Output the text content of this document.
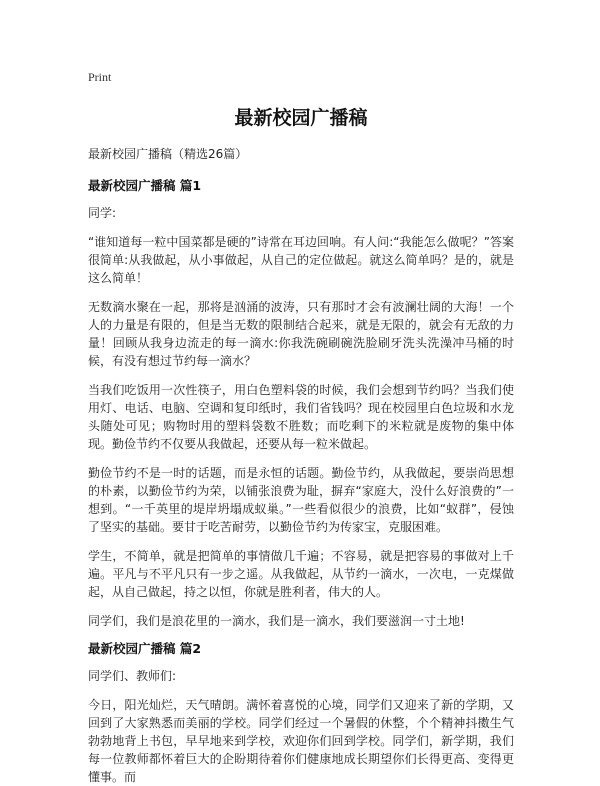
Print
最新校园广播稿

最新校园广播稿（精选26篇）

最新校园广播稿 篇1

同学:

“谁知道每一粒中国菜都是硬的”诗常在耳边回响。有人问:“我能怎么做呢？”答案很简单:从我做起，从小事做起，从自己的定位做起。就这么简单吗？是的，就是这么简单！

无数滴水聚在一起，那将是汹涌的波涛，只有那时才会有波澜壮阔的大海！一个人的力量是有限的，但是当无数的限制结合起来，就是无限的，就会有无敌的力量！回顾从我身边流走的每一滴水:你我洗碗刷碗洗脸刷牙洗头洗澡冲马桶的时候，有没有想过节约每一滴水？

当我们吃饭用一次性筷子，用白色塑料袋的时候，我们会想到节约吗？当我们使用灯、电话、电脑、空调和复印纸时，我们省钱吗？现在校园里白色垃圾和水龙头随处可见；购物时用的塑料袋数不胜数；而吃剩下的米粒就是废物的集中体现。勤俭节约不仅要从我做起，还要从每一粒米做起。

勤俭节约不是一时的话题，而是永恒的话题。勤俭节约，从我做起，要崇尚思想的朴素，以勤俭节约为荣，以铺张浪费为耻，摒弃“家庭大，没什么好浪费的”一想到。“一千英里的堤岸坍塌成蚁巢。”一些看似很少的浪费，比如“蚁群”，侵蚀了坚实的基础。要甘于吃苦耐劳，以勤俭节约为传家宝，克服困难。

学生，不简单，就是把简单的事情做几千遍；不容易，就是把容易的事做对上千遍。平凡与不平凡只有一步之遥。从我做起，从节约一滴水，一次电，一克煤做起，从自己做起，持之以恒，你就是胜利者，伟大的人。

同学们，我们是浪花里的一滴水，我们是一滴水，我们要滋润一寸土地!

最新校园广播稿 篇2

同学们、教师们:

今日，阳光灿烂，天气晴朗。满怀着喜悦的心境，同学们又迎来了新的学期，又回到了大家熟悉而美丽的学校。同学们经过一个暑假的休整，个个精神抖擞生气勃勃地背上书包，早早地来到学校，欢迎你们回到学校。同学们，新学期，我们每一位教师都怀着巨大的企盼期待着你们健康地成长期望你们长得更高、变得更懂事。而
